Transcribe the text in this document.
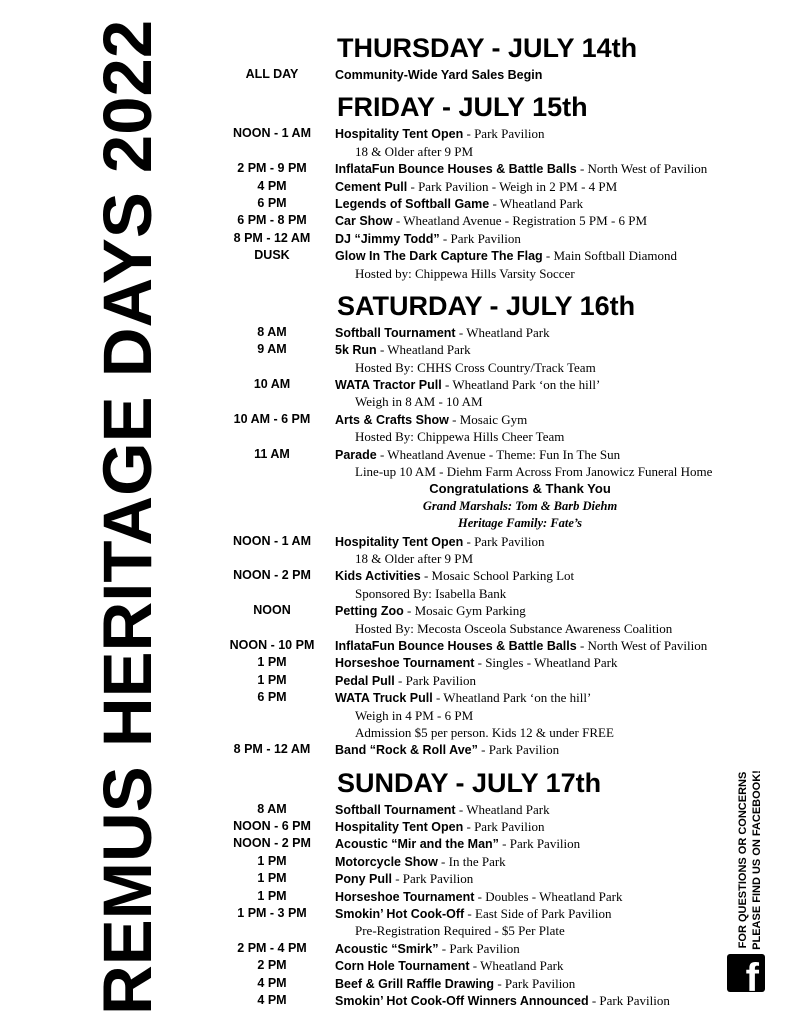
REMUS HERITAGE DAYS 2022	THURSDAY - JULY 14th
ALL DAY	Community-Wide Yard Sales Begin
FRIDAY - JULY 15th
NOON - 1 AM	Hospitality Tent Open - Park Pavilion
18 & Older after 9 PM
2 PM - 9 PM	InflataFun Bounce Houses & Battle Balls - North West of Pavilion
4 PM	Cement Pull - Park Pavilion - Weigh in 2 PM - 4 PM
6 PM	Legends of Softball Game - Wheatland Park
6 PM - 8 PM	Car Show - Wheatland Avenue - Registration 5 PM - 6 PM
8 PM - 12 AM	DJ “Jimmy Todd” - Park Pavilion
DUSK	Glow In The Dark Capture The Flag - Main Softball Diamond
Hosted by: Chippewa Hills Varsity Soccer
SATURDAY - JULY 16th
8 AM	Softball Tournament - Wheatland Park
9 AM	5k Run - Wheatland Park
Hosted By: CHHS Cross Country/Track Team
10 AM	WATA Tractor Pull - Wheatland Park ‘on the hill’
Weigh in 8 AM - 10 AM
10 AM - 6 PM	Arts & Crafts Show - Mosaic Gym
Hosted By: Chippewa Hills Cheer Team
11 AM	Parade - Wheatland Avenue - Theme: Fun In The Sun
Line-up 10 AM - Diehm Farm Across From Janowicz Funeral Home
Congratulations & Thank You
Grand Marshals: Tom & Barb Diehm
Heritage Family: Fate’s
NOON - 1 AM	Hospitality Tent Open - Park Pavilion
18 & Older after 9 PM
NOON - 2 PM	Kids Activities - Mosaic School Parking Lot
Sponsored By: Isabella Bank
NOON	Petting Zoo - Mosaic Gym Parking
Hosted By: Mecosta Osceola Substance Awareness Coalition
NOON - 10 PM	InflataFun Bounce Houses & Battle Balls - North West of Pavilion
1 PM	Horseshoe Tournament - Singles - Wheatland Park
1 PM	Pedal Pull - Park Pavilion
6 PM	WATA Truck Pull - Wheatland Park ‘on the hill’
Weigh in 4 PM - 6 PM
Admission $5 per person. Kids 12 & under FREE
8 PM - 12 AM	Band “Rock & Roll Ave” - Park Pavilion
SUNDAY - JULY 17th
8 AM	Softball Tournament - Wheatland Park
NOON - 6 PM	Hospitality Tent Open - Park Pavilion
NOON - 2 PM	Acoustic “Mir and the Man” - Park Pavilion
1 PM	Motorcycle Show - In the Park
1 PM	Pony Pull - Park Pavilion
1 PM	Horseshoe Tournament - Doubles - Wheatland Park
1 PM - 3 PM	Smokin’ Hot Cook-Off - East Side of Park Pavilion
Pre-Registration Required - $5 Per Plate
2 PM - 4 PM	Acoustic “Smirk” - Park Pavilion
2 PM	Corn Hole Tournament - Wheatland Park
4 PM	Beef & Grill Raffle Drawing - Park Pavilion
4 PM	Smokin’ Hot Cook-Off Winners Announced - Park Pavilion
FOR QUESTIONS OR CONCERNS PLEASE FIND US ON FACEBOOK!
f
